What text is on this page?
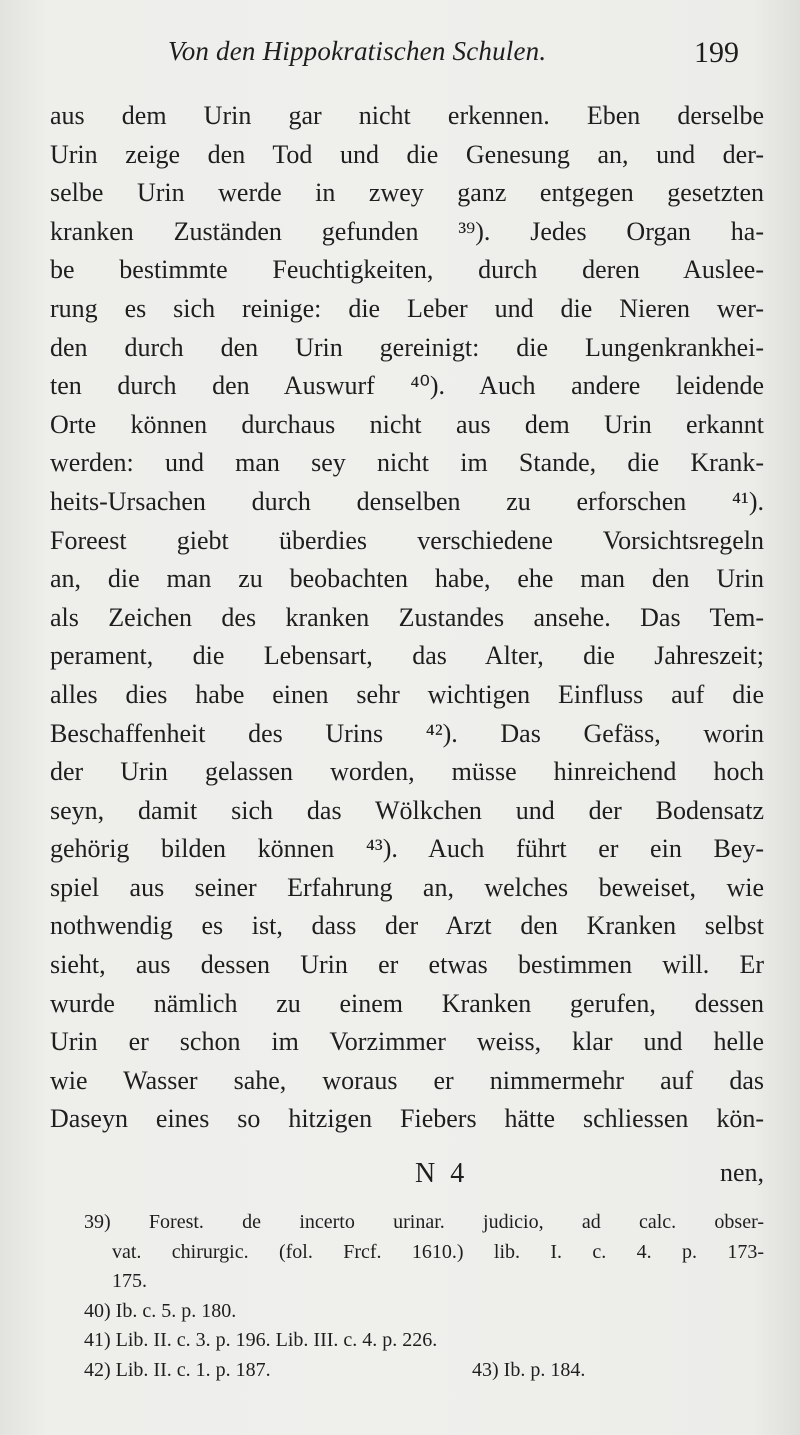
Von den Hippokratischen Schulen.	199
aus dem Urin gar nicht erkennen. Eben derselbe
Urin zeige den Tod und die Genesung an, und der-
selbe Urin werde in zwey ganz entgegen gesetzten
kranken Zuständen gefunden ³⁹). Jedes Organ ha-
be bestimmte Feuchtigkeiten, durch deren Auslee-
rung es sich reinige: die Leber und die Nieren wer-
den durch den Urin gereinigt: die Lungenkrankhei-
ten durch den Auswurf ⁴⁰). Auch andere leidende
Orte können durchaus nicht aus dem Urin erkannt
werden: und man sey nicht im Stande, die Krank-
heits-Ursachen durch denselben zu erforschen ⁴¹).
Foreest giebt überdies verschiedene Vorsichtsregeln
an, die man zu beobachten habe, ehe man den Urin
als Zeichen des kranken Zustandes ansehe. Das Tem-
perament, die Lebensart, das Alter, die Jahreszeit;
alles dies habe einen sehr wichtigen Einfluss auf die
Beschaffenheit des Urins ⁴²). Das Gefäss, worin
der Urin gelassen worden, müsse hinreichend hoch
seyn, damit sich das Wölkchen und der Bodensatz
gehörig bilden können ⁴³). Auch führt er ein Bey-
spiel aus seiner Erfahrung an, welches beweiset, wie
nothwendig es ist, dass der Arzt den Kranken selbst
sieht, aus dessen Urin er etwas bestimmen will. Er
wurde nämlich zu einem Kranken gerufen, dessen
Urin er schon im Vorzimmer weiss, klar und helle
wie Wasser sahe, woraus er nimmermehr auf das
Daseyn eines so hitzigen Fiebers hätte schliessen kön-
N 4	nen,
39) Forest. de incerto urinar. judicio, ad calc. obser-
vat. chirurgic. (fol. Frcf. 1610.) lib. I. c. 4. p. 173-
175.
40) Ib. c. 5. p. 180.
41) Lib. II. c. 3. p. 196. Lib. III. c. 4. p. 226.
42) Lib. II. c. 1. p. 187.	43) Ib. p. 184.
